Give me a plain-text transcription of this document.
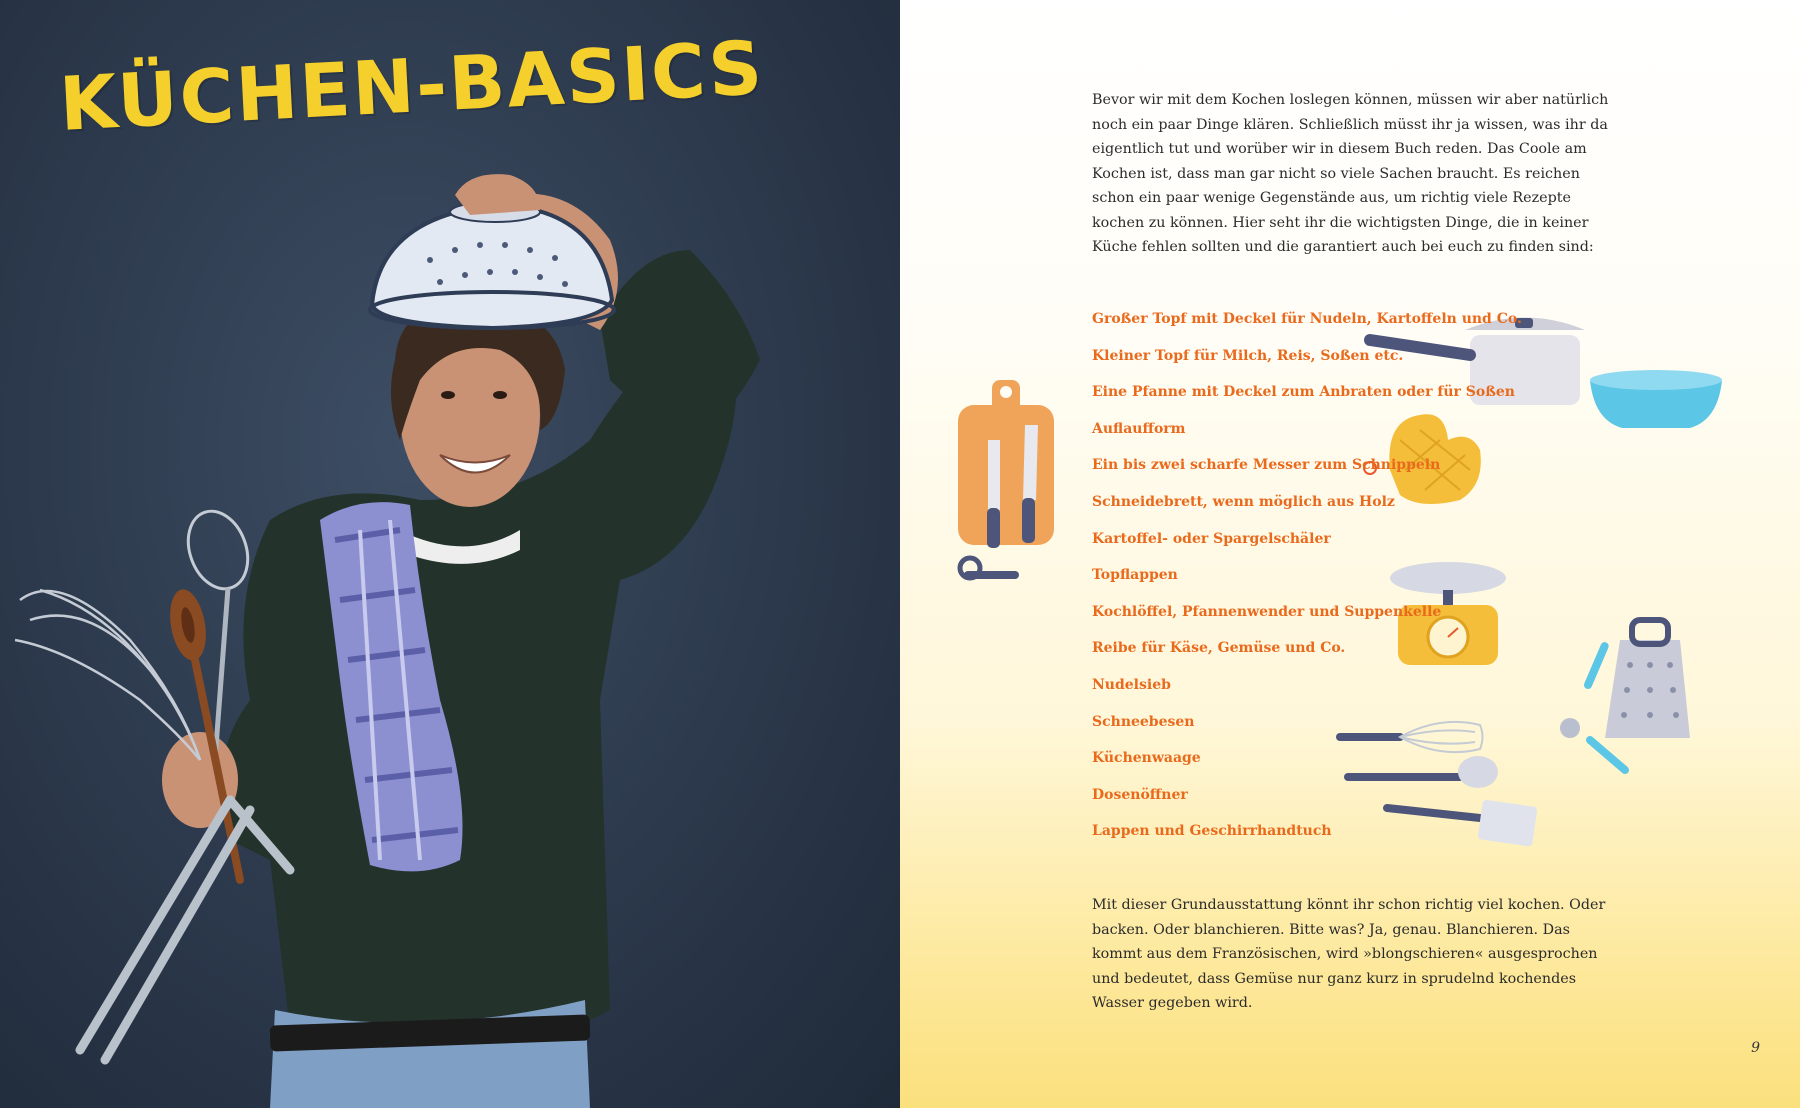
KÜCHEN-BASICS	Bevor wir mit dem Kochen loslegen können, müssen wir aber natürlich noch ein paar Dinge klären. Schließlich müsst ihr ja wissen, was ihr da eigentlich tut und worüber wir in diesem Buch reden. Das Coole am Kochen ist, dass man gar nicht so viele Sachen braucht. Es reichen schon ein paar wenige Gegenstände aus, um richtig viele Rezepte kochen zu können. Hier seht ihr die wichtigsten Dinge, die in keiner Küche fehlen sollten und die garantiert auch bei euch zu finden sind:

Großer Topf mit Deckel für Nudeln, Kartoffeln und Co.
Kleiner Topf für Milch, Reis, Soßen etc.
Eine Pfanne mit Deckel zum Anbraten oder für Soßen
Auflaufform
Ein bis zwei scharfe Messer zum Schnippeln
Schneidebrett, wenn möglich aus Holz
Kartoffel- oder Spargelschäler
Topflappen
Kochlöffel, Pfannenwender und Suppenkelle
Reibe für Käse, Gemüse und Co.
Nudelsieb
Schneebesen
Küchenwaage
Dosenöffner
Lappen und Geschirrhandtuch

Mit dieser Grundausstattung könnt ihr schon richtig viel kochen. Oder backen. Oder blanchieren. Bitte was? Ja, genau. Blanchieren. Das kommt aus dem Französischen, wird »blongschieren« ausgesprochen und bedeutet, dass Gemüse nur ganz kurz in sprudelnd kochendes Wasser gegeben wird.

9
